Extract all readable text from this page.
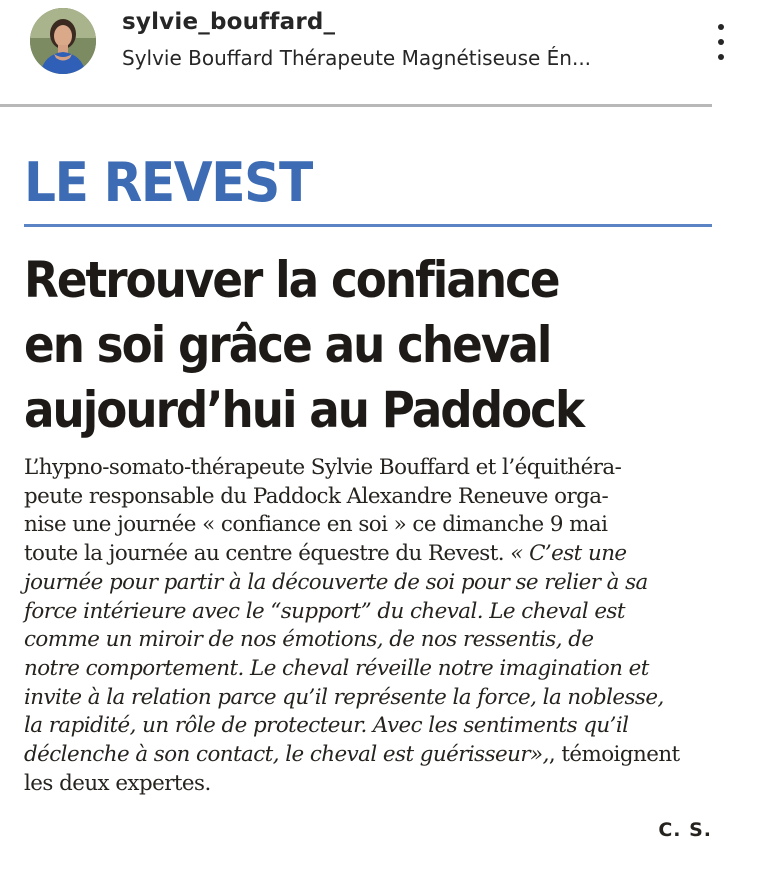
sylvie_bouffard_
Sylvie Bouffard Thérapeute Magnétiseuse Én...
LE REVEST
Retrouver la confiance
en soi grâce au cheval
aujourd’hui au Paddock
L’hypno-somato-thérapeute Sylvie Bouffard et l’équithéra-
peute responsable du Paddock Alexandre Reneuve orga-
nise une journée « confiance en soi » ce dimanche 9 mai
toute la journée au centre équestre du Revest. « C’est une
journée pour partir à la découverte de soi pour se relier à sa
force intérieure avec le “support” du cheval. Le cheval est
comme un miroir de nos émotions, de nos ressentis, de
notre comportement. Le cheval réveille notre imagination et
invite à la relation parce qu’il représente la force, la noblesse,
la rapidité, un rôle de protecteur. Avec les sentiments qu’il
déclenche à son contact, le cheval est guérisseur»,, témoignent
les deux expertes.
C. S.
